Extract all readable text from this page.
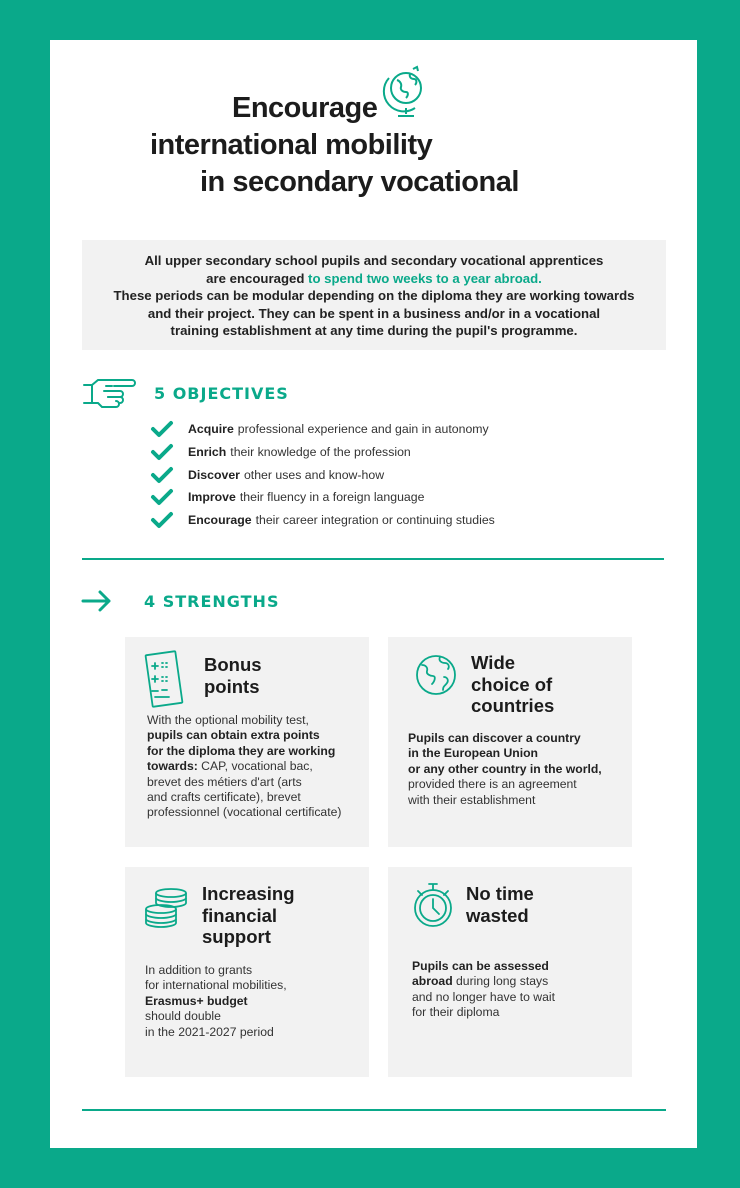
Encourage
international mobility
in secondary vocational
All upper secondary school pupils and secondary vocational apprentices
are encouraged to spend two weeks to a year abroad.
These periods can be modular depending on the diploma they are working towards
and their project. They can be spent in a business and/or in a vocational
training establishment at any time during the pupil's programme.
5 OBJECTIVES
Acquire professional experience and gain in autonomy
Enrich their knowledge of the profession
Discover other uses and know-how
Improve their fluency in a foreign language
Encourage their career integration or continuing studies
4 STRENGTHS
Bonus
points
With the optional mobility test,
pupils can obtain extra points
for the diploma they are working
towards: CAP, vocational bac,
brevet des métiers d'art (arts
and crafts certificate), brevet
professionnel (vocational certificate)
Wide
choice of
countries
Pupils can discover a country
in the European Union
or any other country in the world,
provided there is an agreement
with their establishment
Increasing
financial
support
In addition to grants
for international mobilities,
Erasmus+ budget
should double
in the 2021-2027 period
No time
wasted
Pupils can be assessed
abroad during long stays
and no longer have to wait
for their diploma
